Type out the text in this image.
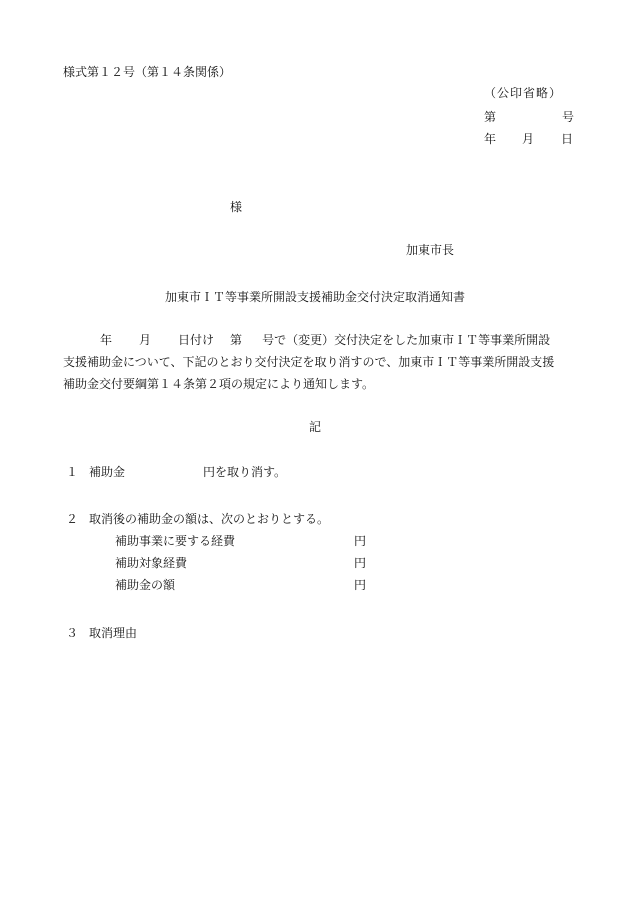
様式第１２号（第１４条関係）
（公印省略）
第	号
年 月 日
様
加東市長
加東市ＩＴ等事業所開設支援補助金交付決定取消通知書
年 月 日付け 第 号で（変更）交付決定をした加東市ＩＴ等事業所開設
支援補助金について、下記のとおり交付決定を取り消すので、加東市ＩＴ等事業所開設支援
補助金交付要綱第１４条第２項の規定により通知します。
記
１ 補助金	円を取り消す。
２ 取消後の補助金の額は、次のとおりとする。
補助事業に要する経費	円
補助対象経費	円
補助金の額	円
３ 取消理由
